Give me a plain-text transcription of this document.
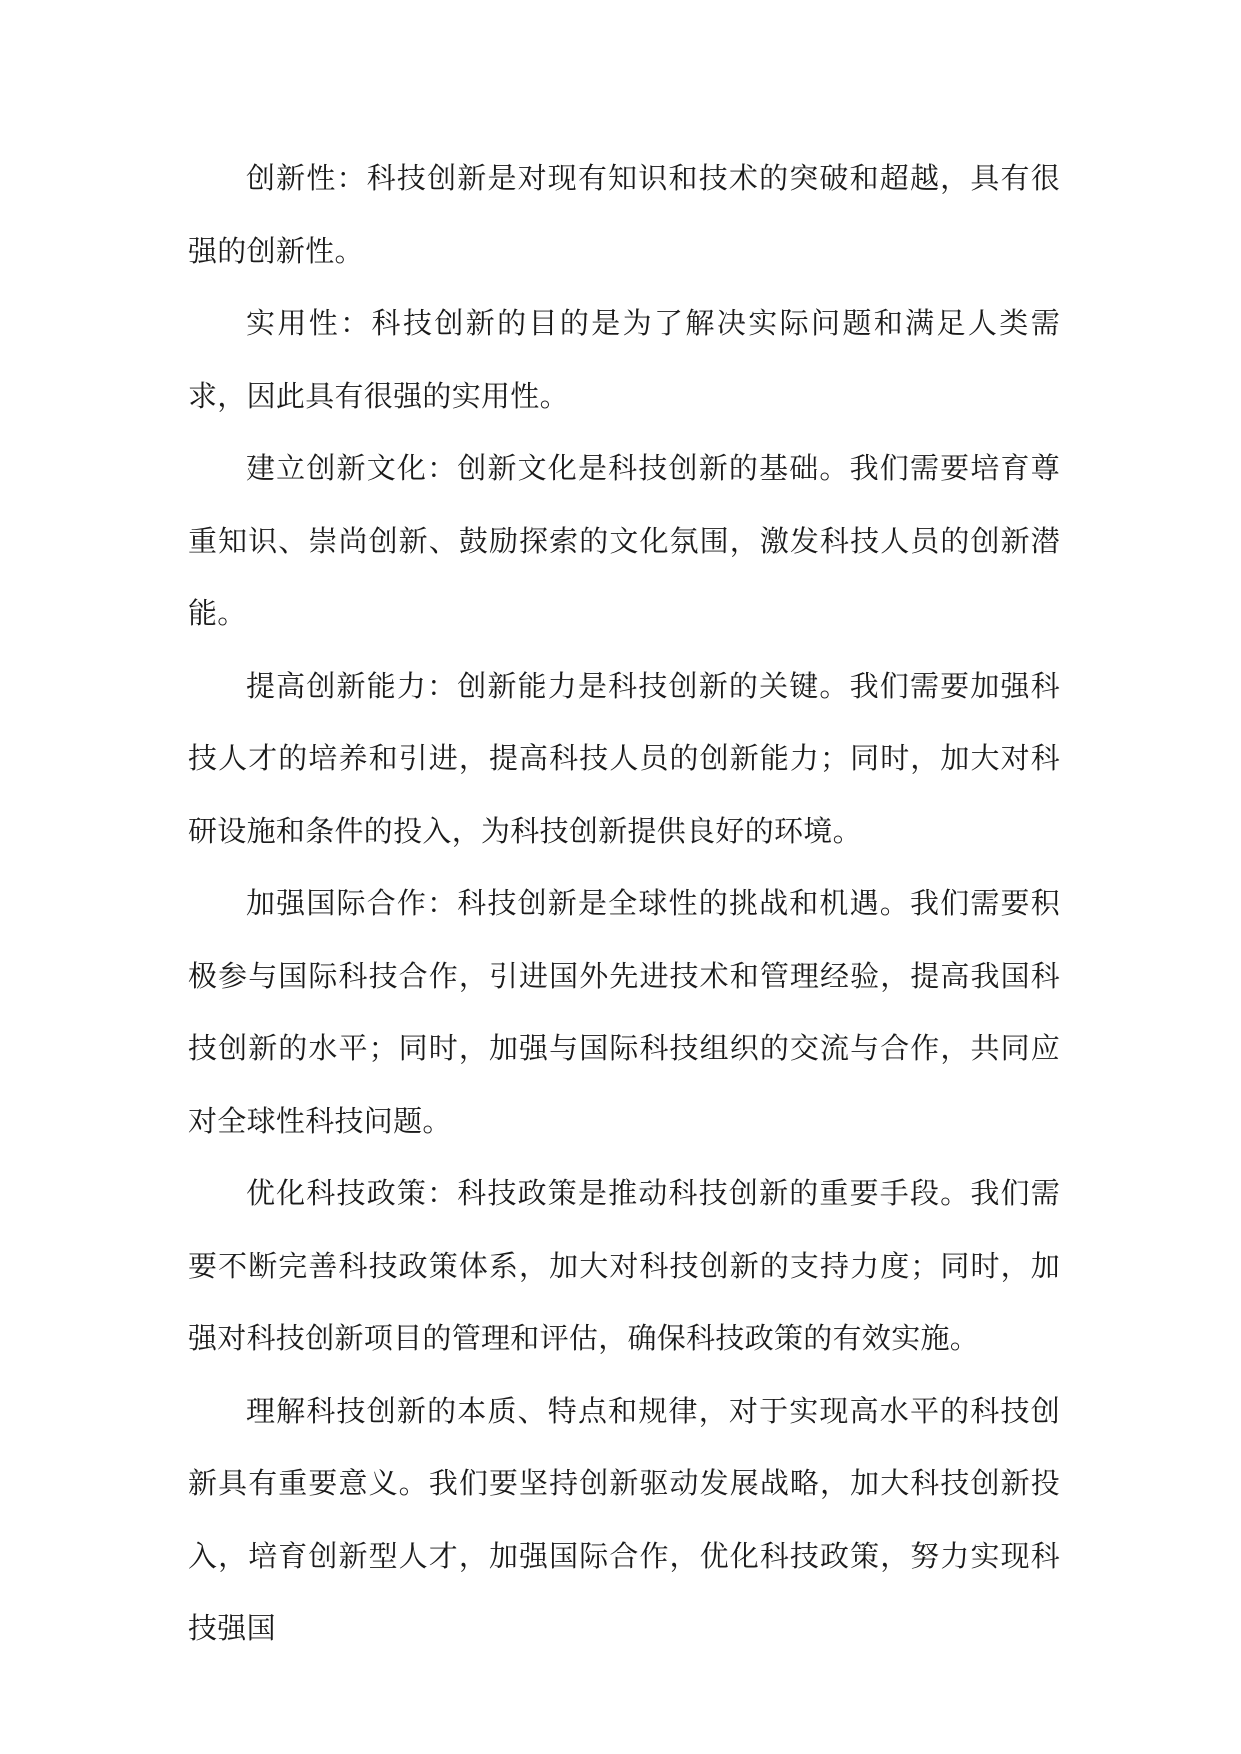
创新性：科技创新是对现有知识和技术的突破和超越，具有很强的创新性。

实用性：科技创新的目的是为了解决实际问题和满足人类需求，因此具有很强的实用性。

建立创新文化：创新文化是科技创新的基础。我们需要培育尊重知识、崇尚创新、鼓励探索的文化氛围，激发科技人员的创新潜能。

提高创新能力：创新能力是科技创新的关键。我们需要加强科技人才的培养和引进，提高科技人员的创新能力；同时，加大对科研设施和条件的投入，为科技创新提供良好的环境。

加强国际合作：科技创新是全球性的挑战和机遇。我们需要积极参与国际科技合作，引进国外先进技术和管理经验，提高我国科技创新的水平；同时，加强与国际科技组织的交流与合作，共同应对全球性科技问题。

优化科技政策：科技政策是推动科技创新的重要手段。我们需要不断完善科技政策体系，加大对科技创新的支持力度；同时，加强对科技创新项目的管理和评估，确保科技政策的有效实施。

理解科技创新的本质、特点和规律，对于实现高水平的科技创新具有重要意义。我们要坚持创新驱动发展战略，加大科技创新投入，培育创新型人才，加强国际合作，优化科技政策，努力实现科技强国
